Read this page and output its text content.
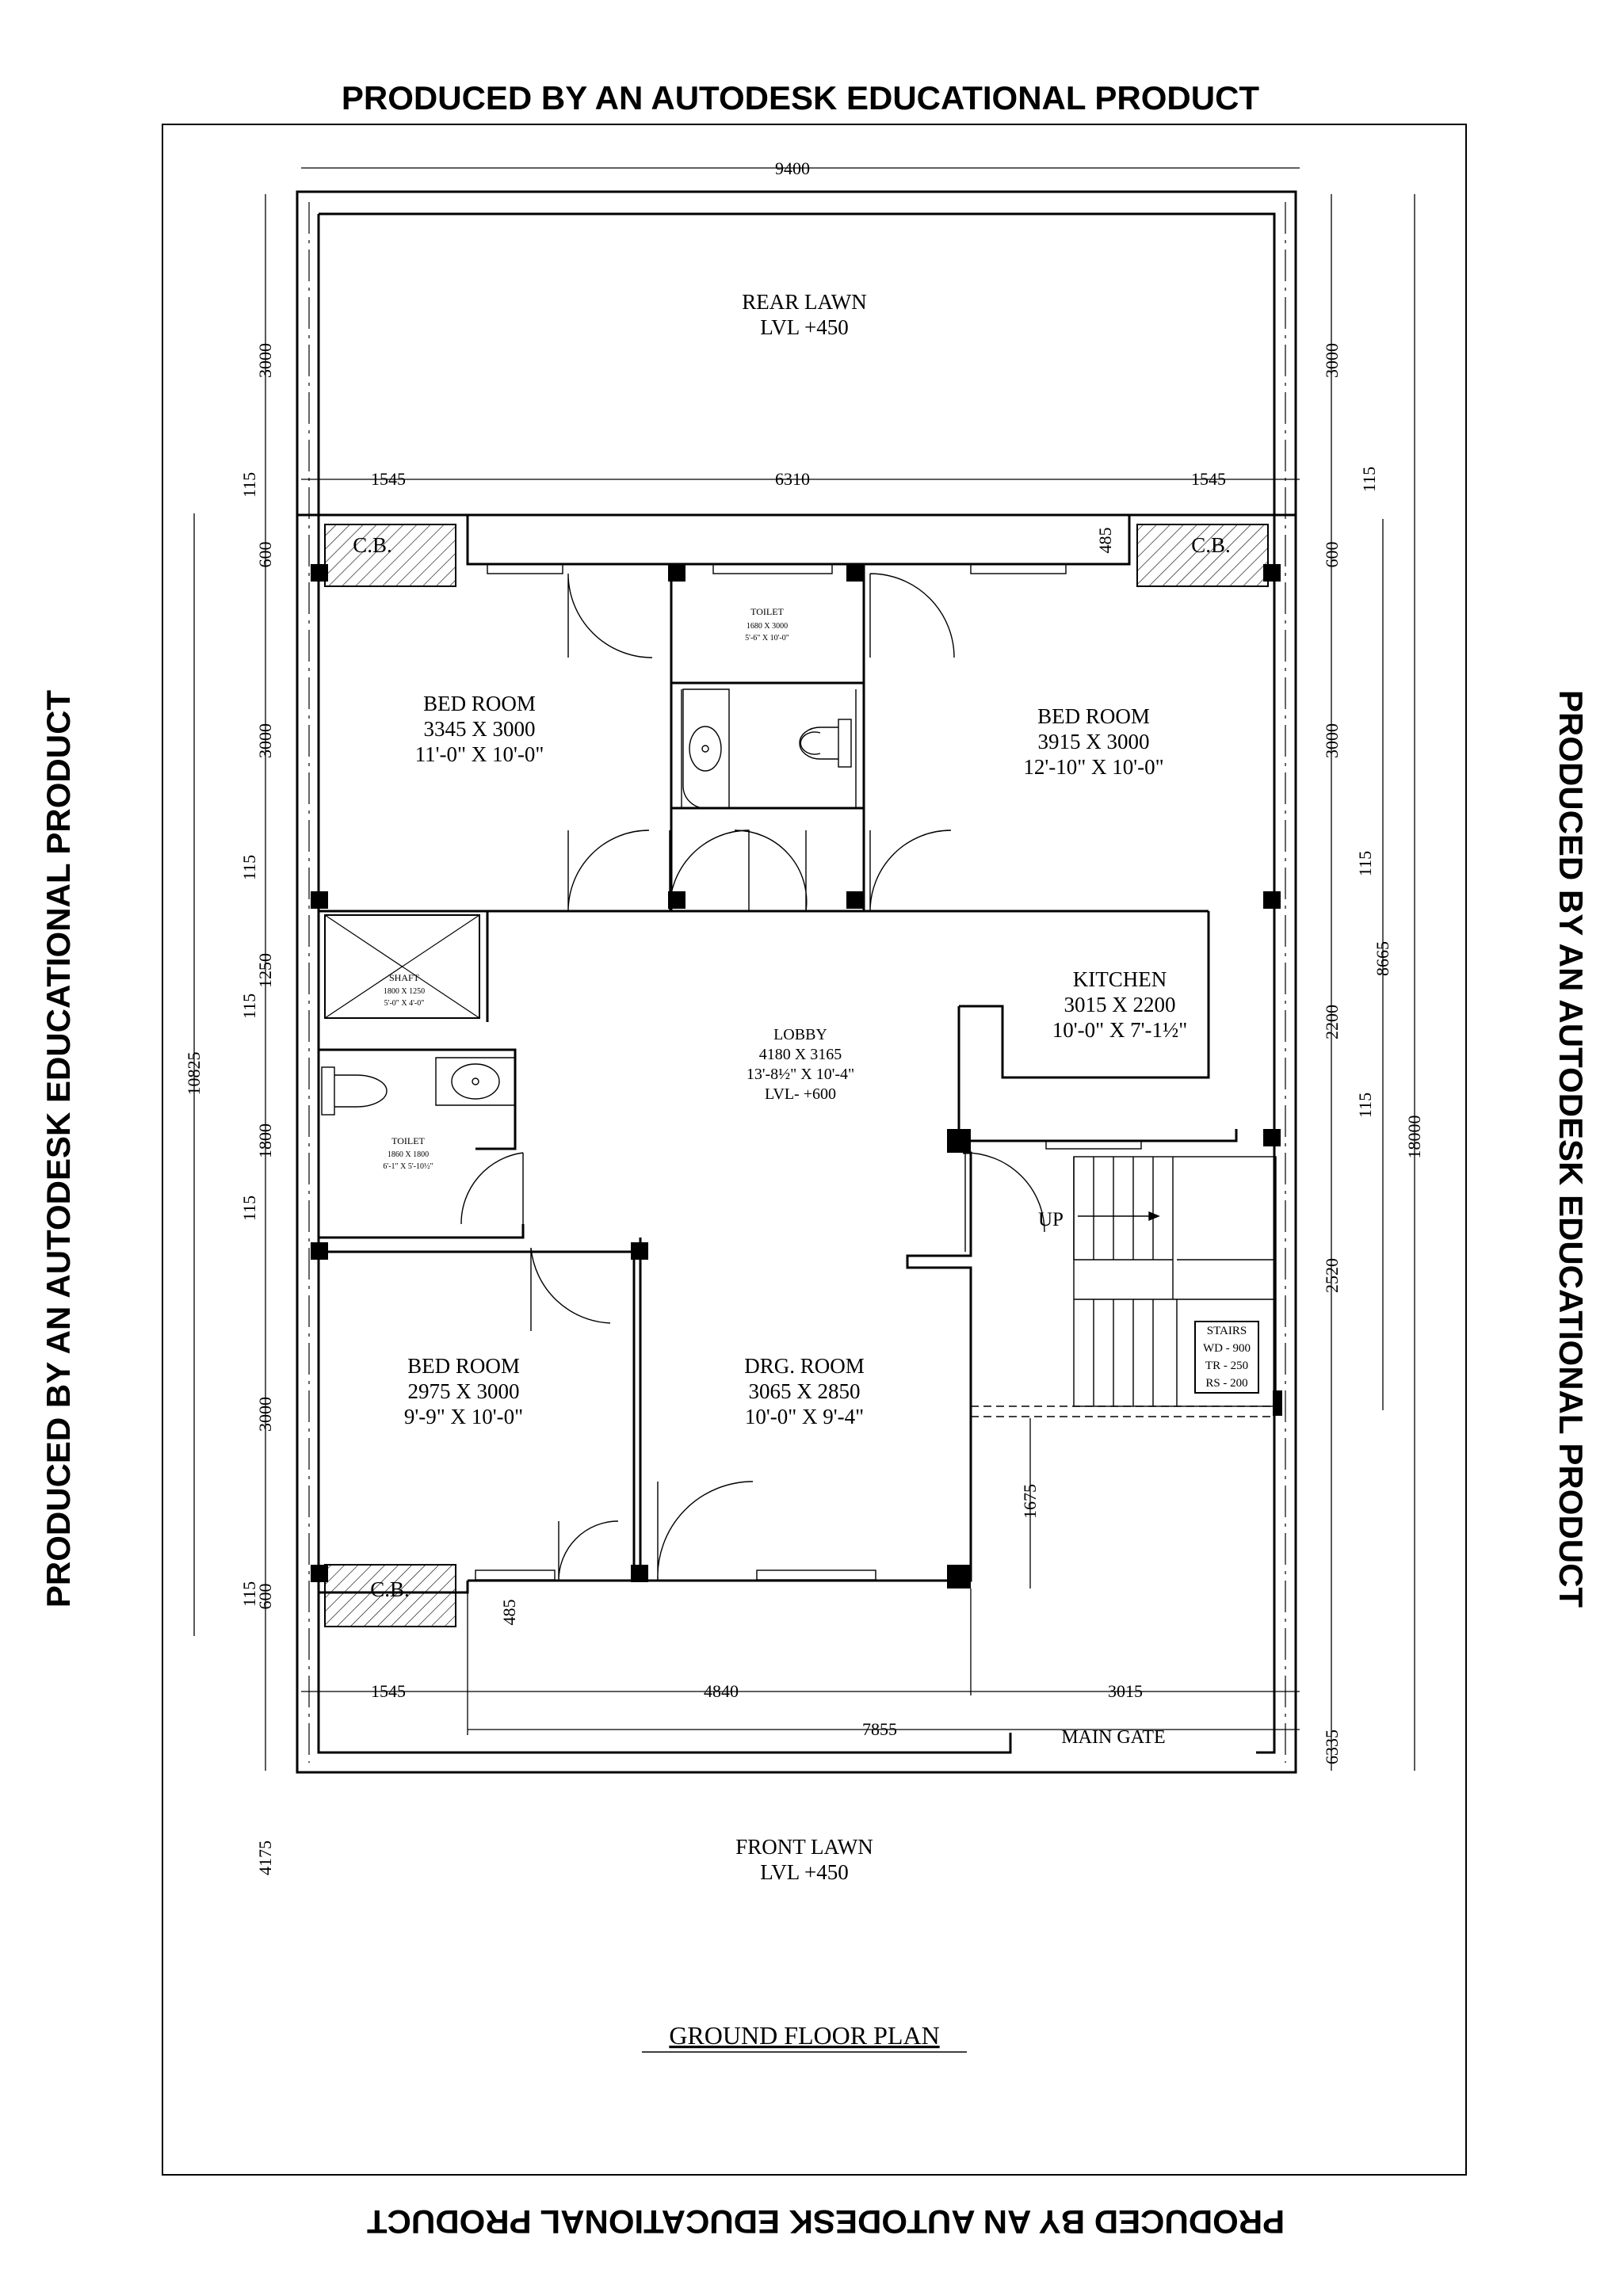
PRODUCED BY AN AUTODESK EDUCATIONAL PRODUCT
PRODUCED BY AN AUTODESK EDUCATIONAL PRODUCT	PRODUCED BY AN AUTODESK EDUCATIONAL PRODUCT
PRODUCED BY AN AUTODESK EDUCATIONAL PRODUCT
UP
STAIRS
WD - 900
TR - 250
RS - 200
REAR LAWN
LVL +450
C.B.	C.B.
C.B.
BED ROOM
3345 X 3000
11'-0" X 10'-0"
TOILET
1680 X 3000
5'-6" X 10'-0"
BED ROOM
3915 X 3000
12'-10" X 10'-0"
SHAFT
1800 X 1250
5'-0" X 4'-0"
KITCHEN
3015 X 2200
10'-0" X 7'-1½"
LOBBY
4180 X 3165
13'-8½" X 10'-4"
LVL- +600
TOILET
1860 X 1800
6'-1" X 5'-10½"
BED ROOM
2975 X 3000
9'-9" X 10'-0"
DRG. ROOM
3065 X 2850
10'-0" X 9'-4"
FRONT LAWN
LVL +450
MAIN GATE
GROUND FLOOR PLAN
9400
1545	6310	1545
1545	4840	3015
7855
3000
115
600
3000
115
1250
115
1800
115
3000
115
600
4175
10825
3000
115
600
3000
115
2200
115
2520
6335
8665
18000
485
485
1675
